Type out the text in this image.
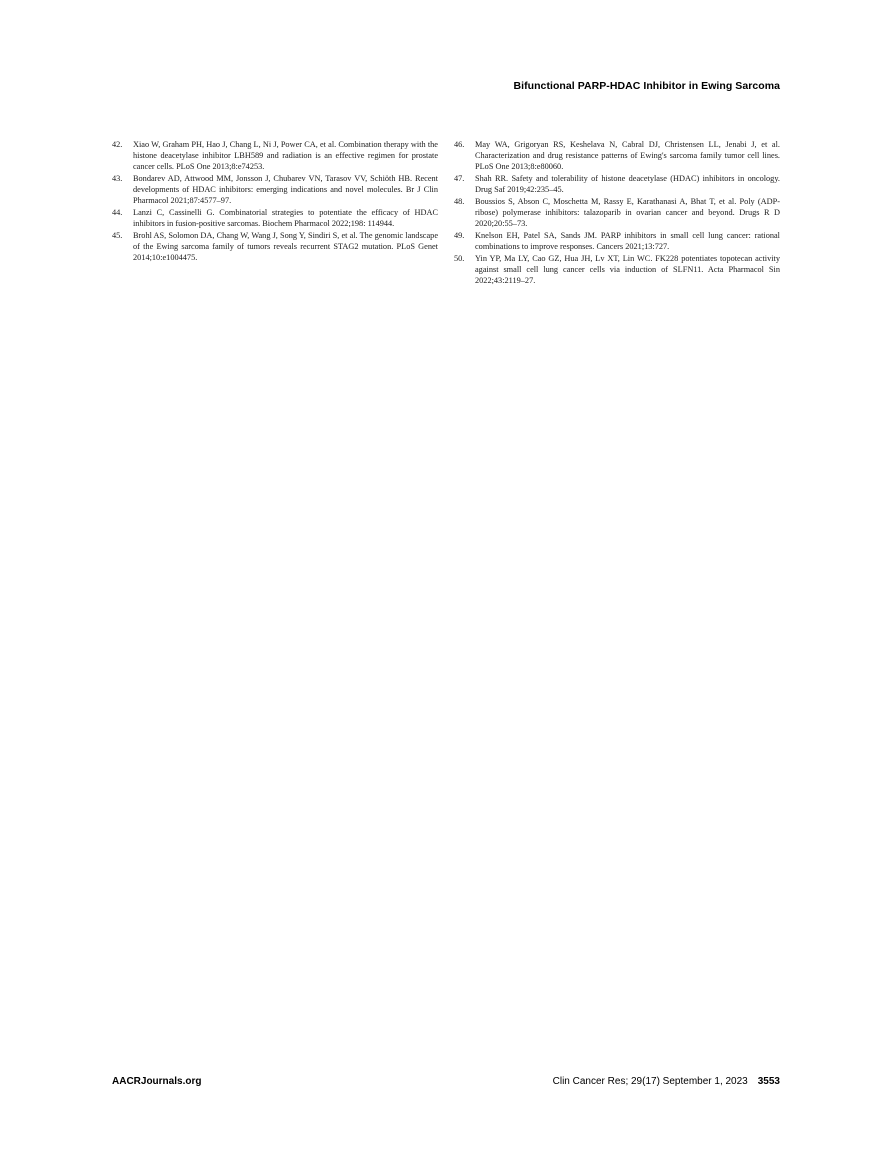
Bifunctional PARP-HDAC Inhibitor in Ewing Sarcoma
42. Xiao W, Graham PH, Hao J, Chang L, Ni J, Power CA, et al. Combination therapy with the histone deacetylase inhibitor LBH589 and radiation is an effective regimen for prostate cancer cells. PLoS One 2013;8:e74253.
43. Bondarev AD, Attwood MM, Jonsson J, Chubarev VN, Tarasov VV, Schiöth HB. Recent developments of HDAC inhibitors: emerging indications and novel molecules. Br J Clin Pharmacol 2021;87:4577–97.
44. Lanzi C, Cassinelli G. Combinatorial strategies to potentiate the efficacy of HDAC inhibitors in fusion-positive sarcomas. Biochem Pharmacol 2022;198: 114944.
45. Brohl AS, Solomon DA, Chang W, Wang J, Song Y, Sindiri S, et al. The genomic landscape of the Ewing sarcoma family of tumors reveals recurrent STAG2 mutation. PLoS Genet 2014;10:e1004475.
46. May WA, Grigoryan RS, Keshelava N, Cabral DJ, Christensen LL, Jenabi J, et al. Characterization and drug resistance patterns of Ewing's sarcoma family tumor cell lines. PLoS One 2013;8:e80060.
47. Shah RR. Safety and tolerability of histone deacetylase (HDAC) inhibitors in oncology. Drug Saf 2019;42:235–45.
48. Boussios S, Abson C, Moschetta M, Rassy E, Karathanasi A, Bhat T, et al. Poly (ADP-ribose) polymerase inhibitors: talazoparib in ovarian cancer and beyond. Drugs R D 2020;20:55–73.
49. Knelson EH, Patel SA, Sands JM. PARP inhibitors in small cell lung cancer: rational combinations to improve responses. Cancers 2021;13:727.
50. Yin YP, Ma LY, Cao GZ, Hua JH, Lv XT, Lin WC. FK228 potentiates topotecan activity against small cell lung cancer cells via induction of SLFN11. Acta Pharmacol Sin 2022;43:2119–27.
AACRJournals.org	Clin Cancer Res; 29(17) September 1, 2023 3553
